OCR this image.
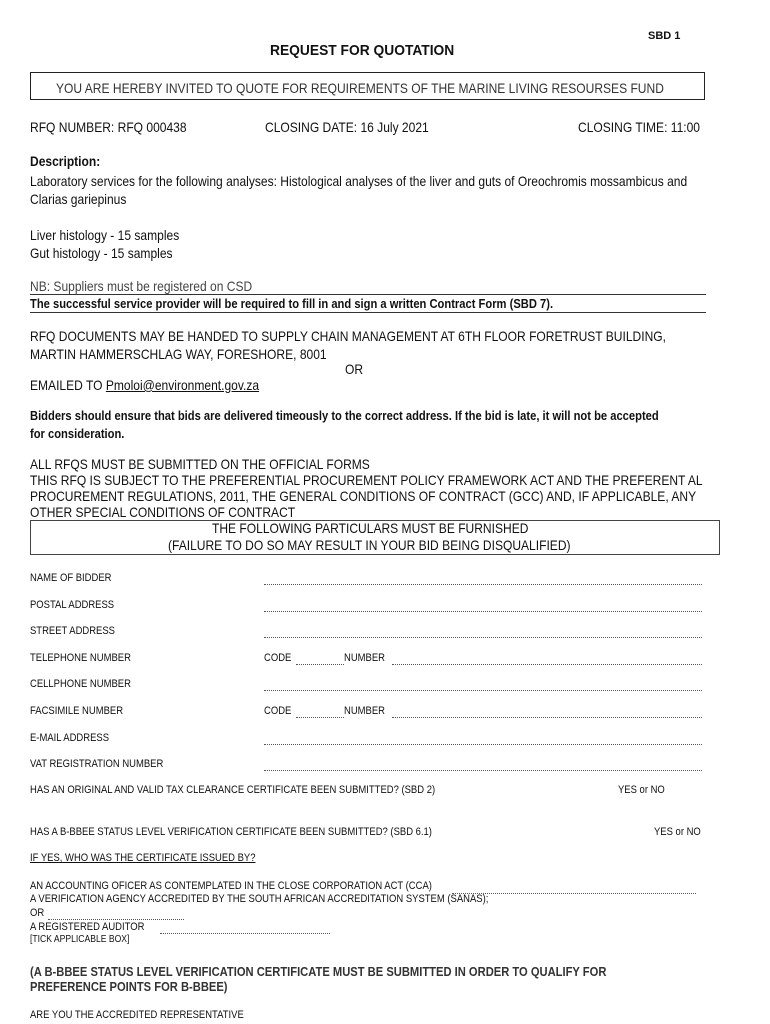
SBD 1
REQUEST FOR QUOTATION
YOU ARE HEREBY INVITED TO QUOTE FOR REQUIREMENTS OF THE MARINE LIVING RESOURSES FUND
RFQ NUMBER: RFQ 000438	CLOSING DATE: 16 July 2021	CLOSING TIME: 11:00
Description:
Laboratory services for the following analyses: Histological analyses of the liver and guts of Oreochromis mossambicus and
Clarias gariepinus
Liver histology - 15 samples
Gut histology - 15 samples
NB: Suppliers must be registered on CSD
The successful service provider will be required to fill in and sign a written Contract Form (SBD 7).
RFQ DOCUMENTS MAY BE HANDED TO SUPPLY CHAIN MANAGEMENT AT 6TH FLOOR FORETRUST BUILDING,
MARTIN HAMMERSCHLAG WAY, FORESHORE, 8001
OR
EMAILED TO Pmoloi@environment.gov.za
Bidders should ensure that bids are delivered timeously to the correct address. If the bid is late, it will not be accepted
for consideration.
ALL RFQS MUST BE SUBMITTED ON THE OFFICIAL FORMS
THIS RFQ IS SUBJECT TO THE PREFERENTIAL PROCUREMENT POLICY FRAMEWORK ACT AND THE PREFERENT AL
PROCUREMENT REGULATIONS, 2011, THE GENERAL CONDITIONS OF CONTRACT (GCC) AND, IF APPLICABLE, ANY
OTHER SPECIAL CONDITIONS OF CONTRACT
THE FOLLOWING PARTICULARS MUST BE FURNISHED
(FAILURE TO DO SO MAY RESULT IN YOUR BID BEING DISQUALIFIED)
NAME OF BIDDER
POSTAL ADDRESS
STREET ADDRESS
TELEPHONE NUMBER	CODE	NUMBER
CELLPHONE NUMBER
FACSIMILE NUMBER	CODE	NUMBER
E-MAIL ADDRESS
VAT REGISTRATION NUMBER
HAS AN ORIGINAL AND VALID TAX CLEARANCE CERTIFICATE BEEN SUBMITTED? (SBD 2)	YES or NO
HAS A B-BBEE STATUS LEVEL VERIFICATION CERTIFICATE BEEN SUBMITTED? (SBD 6.1)	YES or NO
IF YES, WHO WAS THE CERTIFICATE ISSUED BY?
AN ACCOUNTING OFICER AS CONTEMPLATED IN THE CLOSE CORPORATION ACT (CCA)
A VERIFICATION AGENCY ACCREDITED BY THE SOUTH AFRICAN ACCREDITATION SYSTEM (SANAS);
OR
A REGISTERED AUDITOR
[TICK APPLICABLE BOX]
(A B-BBEE STATUS LEVEL VERIFICATION CERTIFICATE MUST BE SUBMITTED IN ORDER TO QUALIFY FOR
PREFERENCE POINTS FOR B-BBEE)
ARE YOU THE ACCREDITED REPRESENTATIVE
